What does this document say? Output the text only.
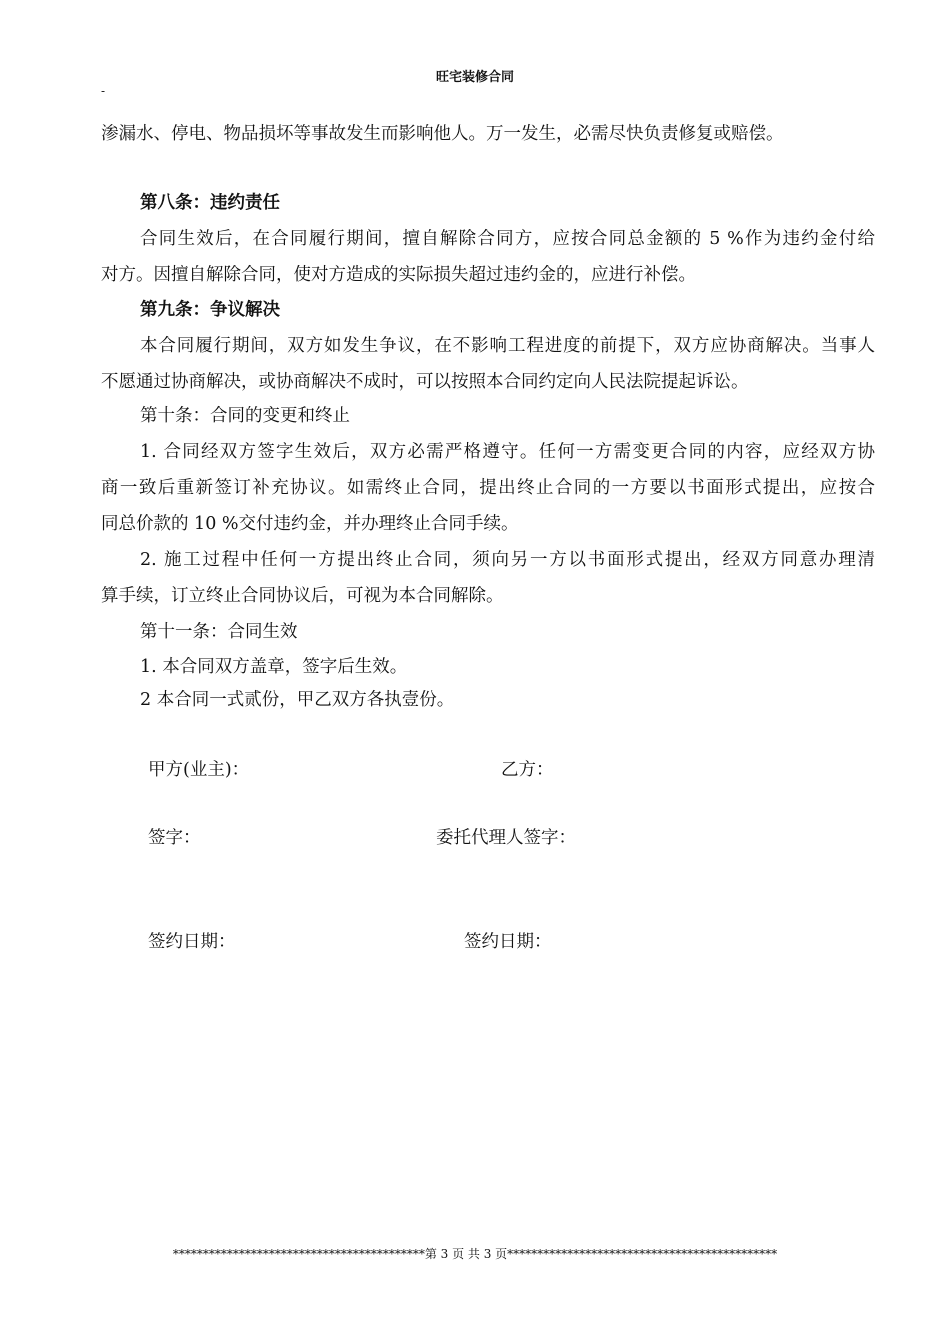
旺宅装修合同
-
渗漏水、停电、物品损坏等事故发生而影响他人。万一发生，必需尽快负责修复或赔偿。
第八条：违约责任
合同生效后，在合同履行期间，擅自解除合同方，应按合同总金额的 5 %作为违约金付给
对方。因擅自解除合同，使对方造成的实际损失超过违约金的，应进行补偿。
第九条：争议解决
本合同履行期间，双方如发生争议，在不影响工程进度的前提下，双方应协商解决。当事人
不愿通过协商解决，或协商解决不成时，可以按照本合同约定向人民法院提起诉讼。
第十条：合同的变更和终止
1. 合同经双方签字生效后，双方必需严格遵守。任何一方需变更合同的内容，应经双方协
商一致后重新签订补充协议。如需终止合同，提出终止合同的一方要以书面形式提出，应按合
同总价款的 10 %交付违约金，并办理终止合同手续。
2. 施工过程中任何一方提出终止合同，须向另一方以书面形式提出，经双方同意办理清
算手续，订立终止合同协议后，可视为本合同解除。
第十一条：合同生效
1. 本合同双方盖章，签字后生效。
2 本合同一式贰份，甲乙双方各执壹份。
甲方(业主)：	乙方：
签字：	委托代理人签字：
签约日期：	签约日期：
******************************************第 3 页 共 3 页*********************************************
